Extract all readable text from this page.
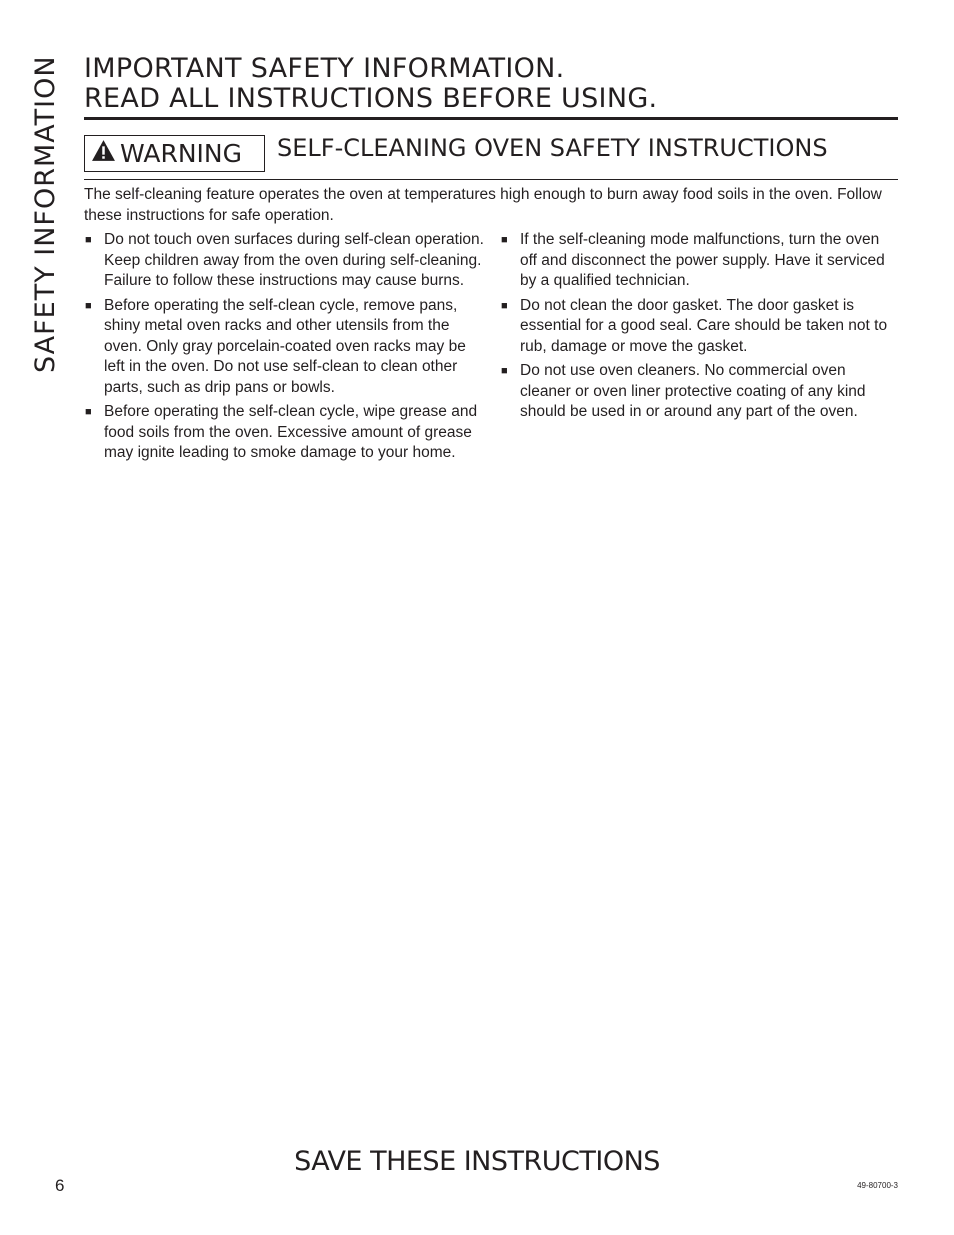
SAFETY INFORMATION IMPORTANT SAFETY INFORMATION.
READ ALL INSTRUCTIONS BEFORE USING.
WARNING SELF-CLEANING OVEN SAFETY INSTRUCTIONS

The self-cleaning feature operates the oven at temperatures high enough to burn away food soils in the oven. Follow these instructions for safe operation.

■ Do not touch oven surfaces during self-clean operation. Keep children away from the oven during self-cleaning. Failure to follow these instructions may cause burns.
■ Before operating the self-clean cycle, remove pans, shiny metal oven racks and other utensils from the oven. Only gray porcelain-coated oven racks may be left in the oven. Do not use self-clean to clean other parts, such as drip pans or bowls.
■ Before operating the self-clean cycle, wipe grease and food soils from the oven. Excessive amount of grease may ignite leading to smoke damage to your home.
■ If the self-cleaning mode malfunctions, turn the oven off and disconnect the power supply. Have it serviced by a qualified technician.
■ Do not clean the door gasket. The door gasket is essential for a good seal. Care should be taken not to rub, damage or move the gasket.
■ Do not use oven cleaners. No commercial oven cleaner or oven liner protective coating of any kind should be used in or around any part of the oven.
SAVE THESE INSTRUCTIONS
6	49-80700-3
